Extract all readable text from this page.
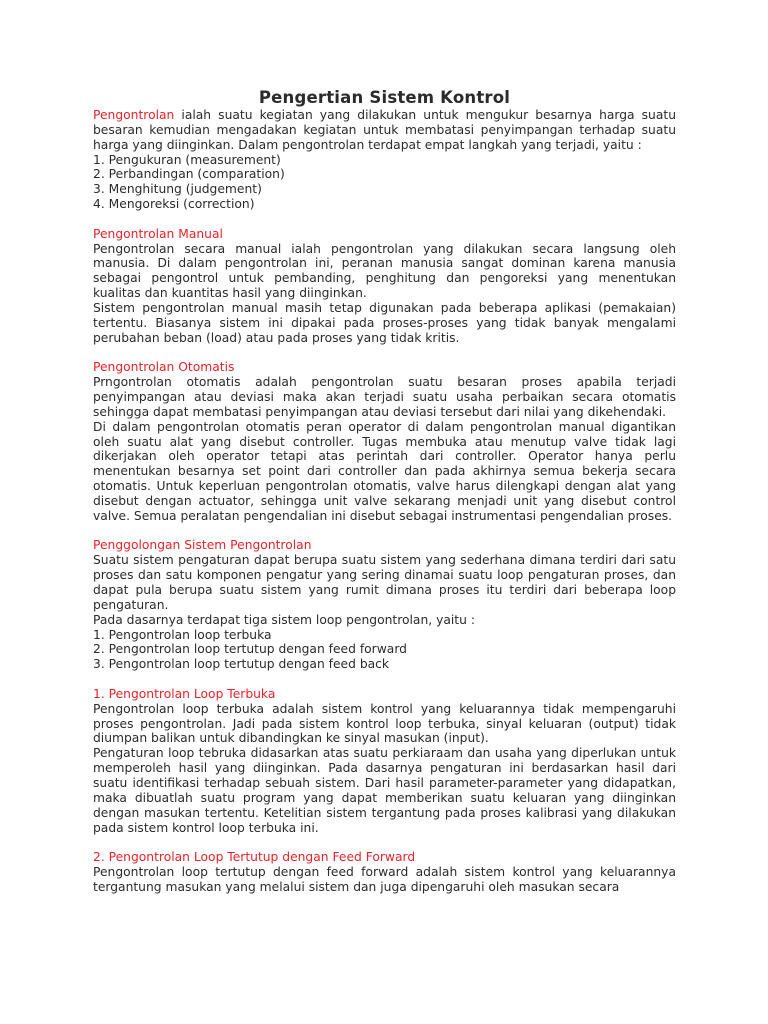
Pengertian Sistem Kontrol

Pengontrolan ialah suatu kegiatan yang dilakukan untuk mengukur besarnya harga suatu besaran kemudian mengadakan kegiatan untuk membatasi penyimpangan terhadap suatu harga yang diinginkan. Dalam pengontrolan terdapat empat langkah yang terjadi, yaitu :

1. Pengukuran (measurement)
2. Perbandingan (comparation)
3. Menghitung (judgement)
4. Mengoreksi (correction)

Pengontrolan Manual

Pengontrolan secara manual ialah pengontrolan yang dilakukan secara langsung oleh manusia. Di dalam pengontrolan ini, peranan manusia sangat dominan karena manusia sebagai pengontrol untuk pembanding, penghitung dan pengoreksi yang menentukan kualitas dan kuantitas hasil yang diinginkan.

Sistem pengontrolan manual masih tetap digunakan pada beberapa aplikasi (pemakaian) tertentu. Biasanya sistem ini dipakai pada proses-proses yang tidak banyak mengalami perubahan beban (load) atau pada proses yang tidak kritis.

Pengontrolan Otomatis

Prngontrolan otomatis adalah pengontrolan suatu besaran proses apabila terjadi penyimpangan atau deviasi maka akan terjadi suatu usaha perbaikan secara otomatis sehingga dapat membatasi penyimpangan atau deviasi tersebut dari nilai yang dikehendaki.

Di dalam pengontrolan otomatis peran operator di dalam pengontrolan manual digantikan oleh suatu alat yang disebut controller. Tugas membuka atau menutup valve tidak lagi dikerjakan oleh operator tetapi atas perintah dari controller. Operator hanya perlu menentukan besarnya set point dari controller dan pada akhirnya semua bekerja secara otomatis. Untuk keperluan pengontrolan otomatis, valve harus dilengkapi dengan alat yang disebut dengan actuator, sehingga unit valve sekarang menjadi unit yang disebut control valve. Semua peralatan pengendalian ini disebut sebagai instrumentasi pengendalian proses.

Penggolongan Sistem Pengontrolan

Suatu sistem pengaturan dapat berupa suatu sistem yang sederhana dimana terdiri dari satu proses dan satu komponen pengatur yang sering dinamai suatu loop pengaturan proses, dan dapat pula berupa suatu sistem yang rumit dimana proses itu terdiri dari beberapa loop pengaturan.

Pada dasarnya terdapat tiga sistem loop pengontrolan, yaitu :

1. Pengontrolan loop terbuka
2. Pengontrolan loop tertutup dengan feed forward
3. Pengontrolan loop tertutup dengan feed back

1. Pengontrolan Loop Terbuka

Pengontrolan loop terbuka adalah sistem kontrol yang keluarannya tidak mempengaruhi proses pengontrolan. Jadi pada sistem kontrol loop terbuka, sinyal keluaran (output) tidak diumpan balikan untuk dibandingkan ke sinyal masukan (input).

Pengaturan loop tebruka didasarkan atas suatu perkiaraam dan usaha yang diperlukan untuk memperoleh hasil yang diinginkan. Pada dasarnya pengaturan ini berdasarkan hasil dari suatu identifikasi terhadap sebuah sistem. Dari hasil parameter-parameter yang didapatkan, maka dibuatlah suatu program yang dapat memberikan suatu keluaran yang diinginkan dengan masukan tertentu. Ketelitian sistem tergantung pada proses kalibrasi yang dilakukan pada sistem kontrol loop terbuka ini.

2. Pengontrolan Loop Tertutup dengan Feed Forward

Pengontrolan loop tertutup dengan feed forward adalah sistem kontrol yang keluarannya tergantung masukan yang melalui sistem dan juga dipengaruhi oleh masukan secara
